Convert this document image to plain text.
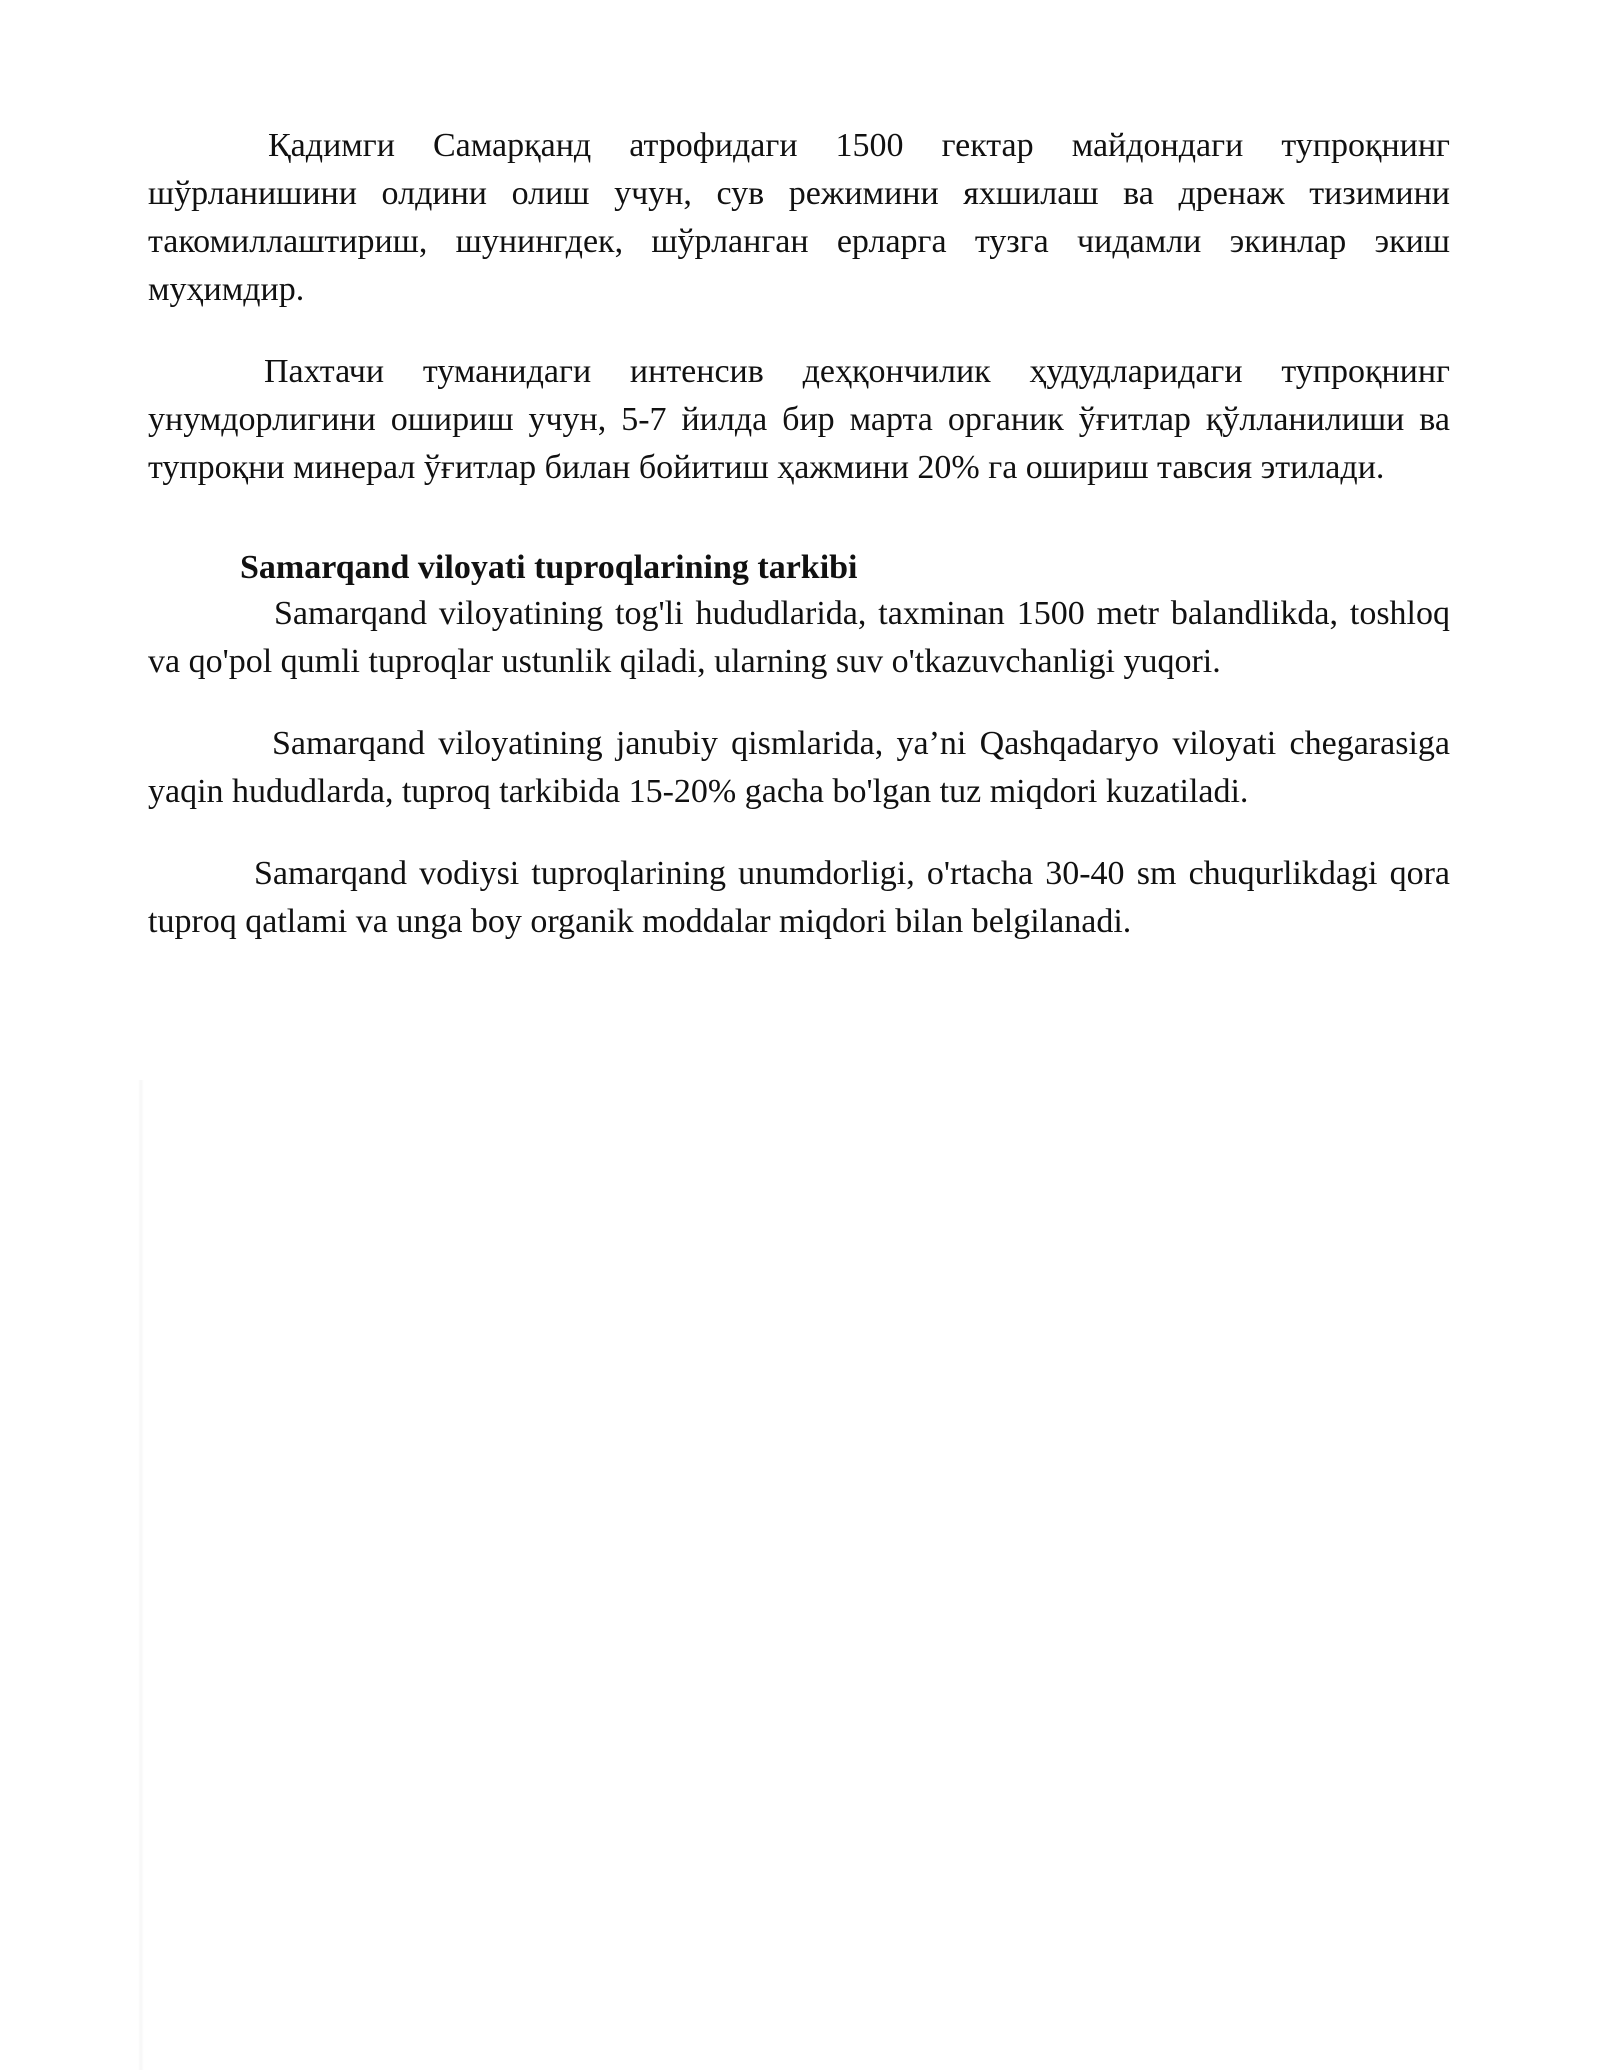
Қадимги Самарқанд атрофидаги 1500 гектар майдондаги тупроқнинг шўрланишини олдини олиш учун, сув режимини яхшилаш ва дренаж тизимини такомиллаштириш, шунингдек, шўрланган ерларга тузга чидамли экинлар экиш муҳимдир.

Пахтачи туманидаги интенсив деҳқончилик ҳудудларидаги тупроқнинг унумдорлигини ошириш учун, 5-7 йилда бир марта органик ўғитлар қўлланилиши ва тупроқни минерал ўғитлар билан бойитиш ҳажмини 20% га ошириш тавсия этилади.

Samarqand viloyati tuproqlarining tarkibi

Samarqand viloyatining tog'li hududlarida, taxminan 1500 metr balandlikda, toshloq va qo'pol qumli tuproqlar ustunlik qiladi, ularning suv o'tkazuvchanligi yuqori.

Samarqand viloyatining janubiy qismlarida, ya’ni Qashqadaryo viloyati chegarasiga yaqin hududlarda, tuproq tarkibida 15-20% gacha bo'lgan tuz miqdori kuzatiladi.

Samarqand vodiysi tuproqlarining unumdorligi, o'rtacha 30-40 sm chuqurlikdagi qora tuproq qatlami va unga boy organik moddalar miqdori bilan belgilanadi.
